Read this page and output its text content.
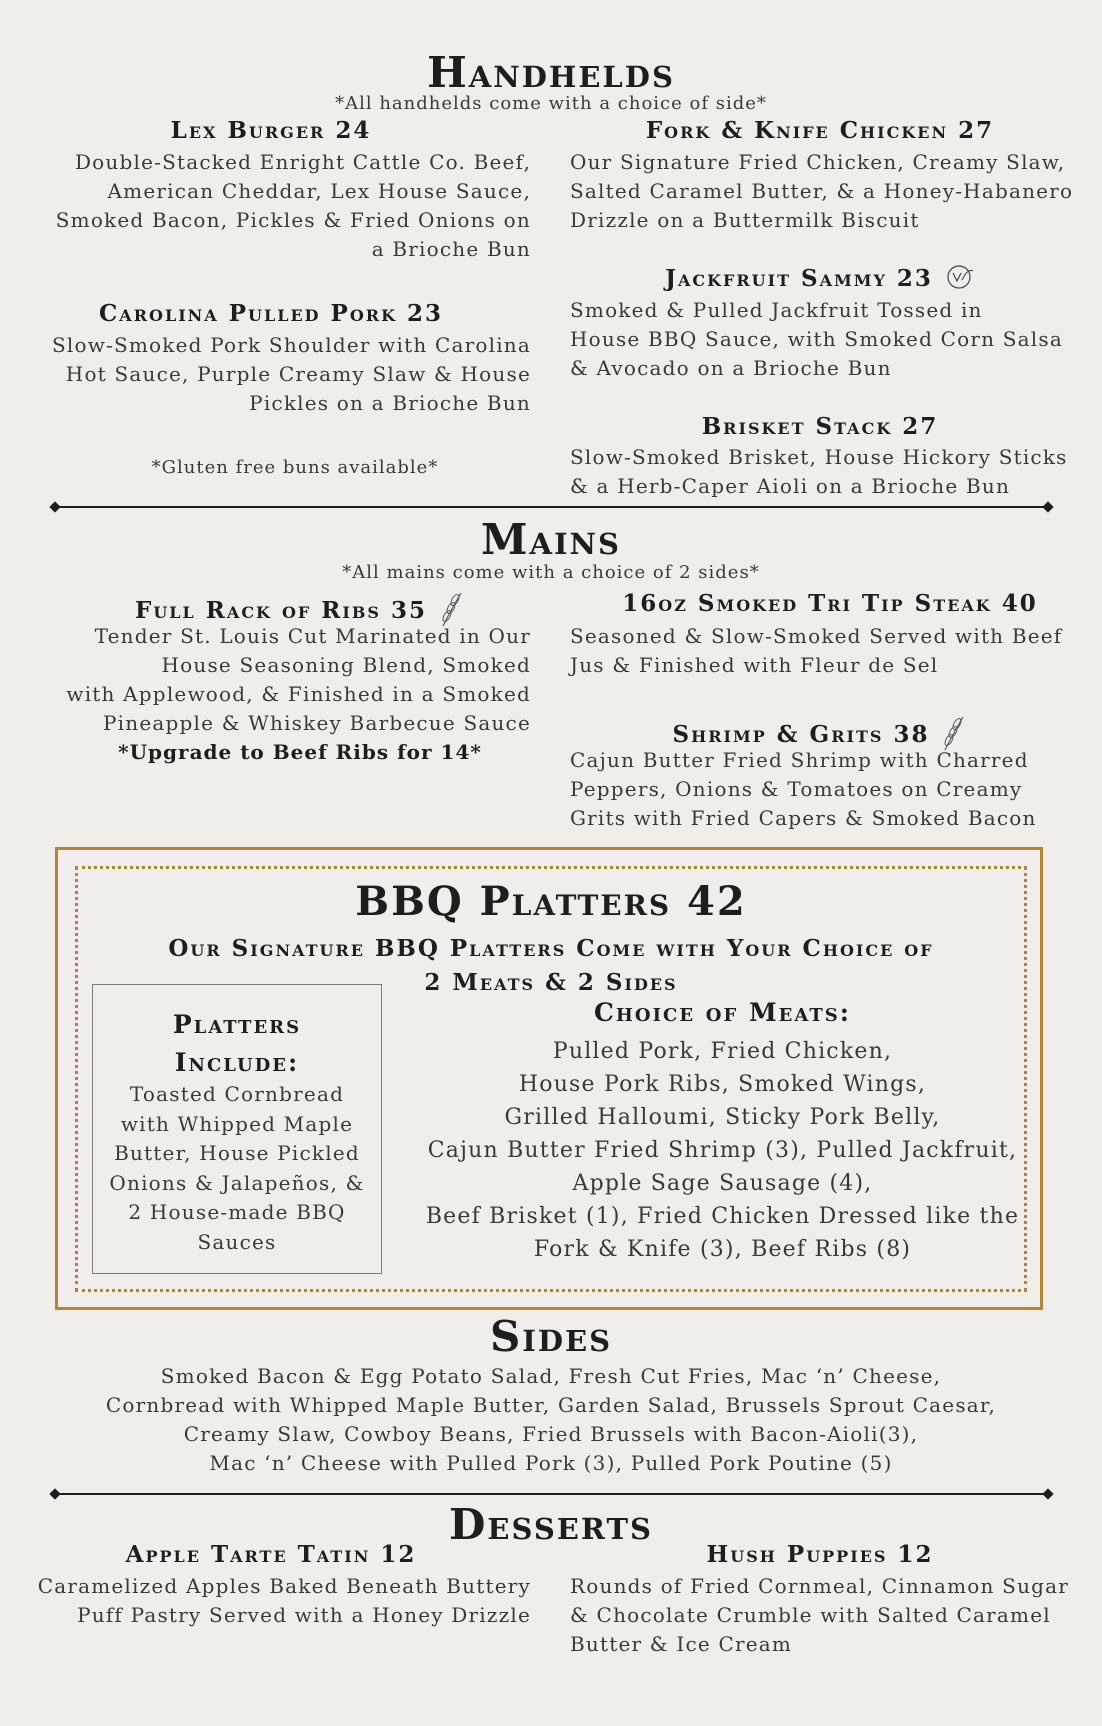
Handhelds
*All handhelds come with a choice of side*
Lex Burger 24
Double-Stacked Enright Cattle Co. Beef,
American Cheddar, Lex House Sauce,
Smoked Bacon, Pickles & Fried Onions on
a Brioche Bun
Fork & Knife Chicken 27
Our Signature Fried Chicken, Creamy Slaw,
Salted Caramel Butter, & a Honey-Habanero
Drizzle on a Buttermilk Biscuit
Jackfruit Sammy 23
Smoked & Pulled Jackfruit Tossed in
House BBQ Sauce, with Smoked Corn Salsa
& Avocado on a Brioche Bun
Carolina Pulled Pork 23
Slow-Smoked Pork Shoulder with Carolina
Hot Sauce, Purple Creamy Slaw & House
Pickles on a Brioche Bun
*Gluten free buns available*
Brisket Stack 27
Slow-Smoked Brisket, House Hickory Sticks
& a Herb-Caper Aioli on a Brioche Bun
Mains
*All mains come with a choice of 2 sides*
Full Rack of Ribs 35
Tender St. Louis Cut Marinated in Our
House Seasoning Blend, Smoked
with Applewood, & Finished in a Smoked
Pineapple & Whiskey Barbecue Sauce
*Upgrade to Beef Ribs for 14*
16oz Smoked Tri Tip Steak 40
Seasoned & Slow-Smoked Served with Beef
Jus & Finished with Fleur de Sel
Shrimp & Grits 38
Cajun Butter Fried Shrimp with Charred
Peppers, Onions & Tomatoes on Creamy
Grits with Fried Capers & Smoked Bacon
BBQ Platters 42
Our Signature BBQ Platters Come with Your Choice of
2 Meats & 2 Sides
Platters
Include:
Toasted Cornbread
with Whipped Maple
Butter, House Pickled
Onions & Jalapeños, &
2 House-made BBQ
Sauces
Choice of Meats:
Pulled Pork, Fried Chicken,
House Pork Ribs, Smoked Wings,
Grilled Halloumi, Sticky Pork Belly,
Cajun Butter Fried Shrimp (3), Pulled Jackfruit,
Apple Sage Sausage (4),
Beef Brisket (1), Fried Chicken Dressed like the
Fork & Knife (3), Beef Ribs (8)
Sides
Smoked Bacon & Egg Potato Salad, Fresh Cut Fries, Mac ‘n’ Cheese,
Cornbread with Whipped Maple Butter, Garden Salad, Brussels Sprout Caesar,
Creamy Slaw, Cowboy Beans, Fried Brussels with Bacon-Aioli(3),
Mac ‘n’ Cheese with Pulled Pork (3), Pulled Pork Poutine (5)
Desserts
Apple Tarte Tatin 12
Caramelized Apples Baked Beneath Buttery
Puff Pastry Served with a Honey Drizzle
Hush Puppies 12
Rounds of Fried Cornmeal, Cinnamon Sugar
& Chocolate Crumble with Salted Caramel
Butter & Ice Cream
